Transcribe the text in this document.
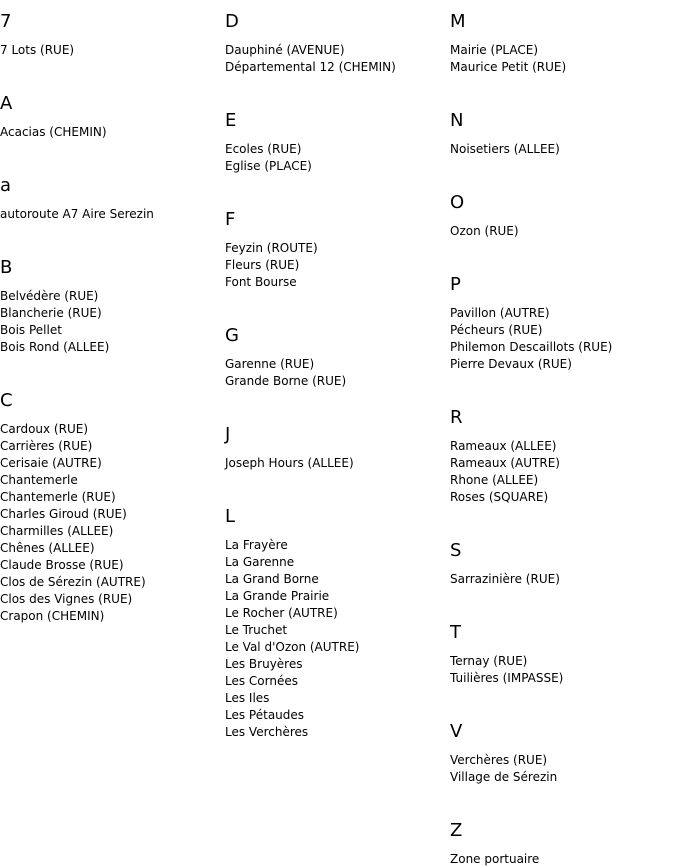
7
7 Lots (RUE)
A
Acacias (CHEMIN)
a
autoroute A7 Aire Serezin
B
Belvédère (RUE)
Blancherie (RUE)
Bois Pellet
Bois Rond (ALLEE)
C
Cardoux (RUE)
Carrières (RUE)
Cerisaie (AUTRE)
Chantemerle
Chantemerle (RUE)
Charles Giroud (RUE)
Charmilles (ALLEE)
Chênes (ALLEE)
Claude Brosse (RUE)
Clos de Sérezin (AUTRE)
Clos des Vignes (RUE)
Crapon (CHEMIN)
D
Dauphiné (AVENUE)
Départemental 12 (CHEMIN)
E
Ecoles (RUE)
Eglise (PLACE)
F
Feyzin (ROUTE)
Fleurs (RUE)
Font Bourse
G
Garenne (RUE)
Grande Borne (RUE)
J
Joseph Hours (ALLEE)
L
La Frayère
La Garenne
La Grand Borne
La Grande Prairie
Le Rocher (AUTRE)
Le Truchet
Le Val d'Ozon (AUTRE)
Les Bruyères
Les Cornées
Les Iles
Les Pétaudes
Les Verchères
M
Mairie (PLACE)
Maurice Petit (RUE)
N
Noisetiers (ALLEE)
O
Ozon (RUE)
P
Pavillon (AUTRE)
Pécheurs (RUE)
Philemon Descaillots (RUE)
Pierre Devaux (RUE)
R
Rameaux (ALLEE)
Rameaux (AUTRE)
Rhone (ALLEE)
Roses (SQUARE)
S
Sarrazinière (RUE)
T
Ternay (RUE)
Tuilières (IMPASSE)
V
Verchères (RUE)
Village de Sérezin
Z
Zone portuaire
